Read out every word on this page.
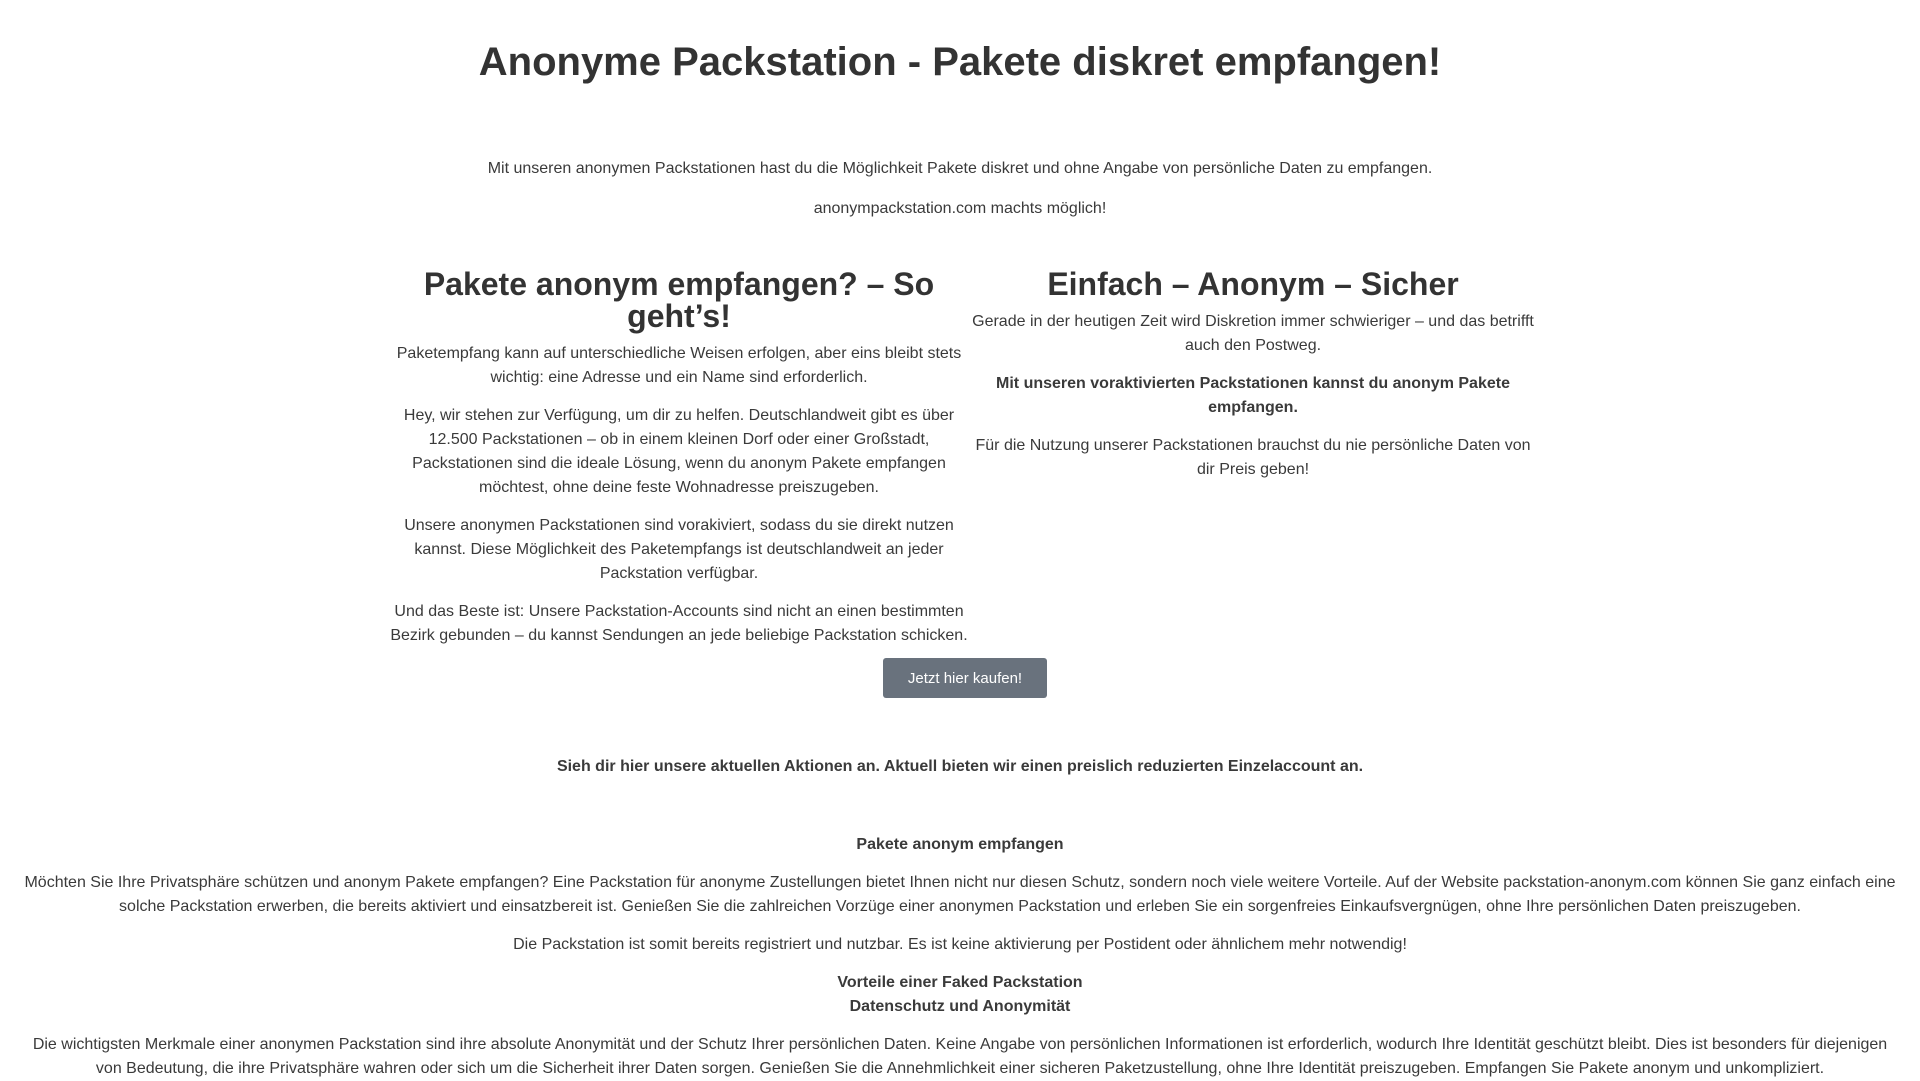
Anonyme Packstation - Pakete diskret empfangen!

Mit unseren anonymen Packstationen hast du die Möglichkeit Pakete diskret und ohne Angabe von persönliche Daten zu empfangen.

anonympackstation.com machts möglich!

Pakete anonym empfangen? – So geht’s!

Paketempfang kann auf unterschiedliche Weisen erfolgen, aber eins bleibt stets wichtig: eine Adresse und ein Name sind erforderlich.

Hey, wir stehen zur Verfügung, um dir zu helfen. Deutschlandweit gibt es über 12.500 Packstationen – ob in einem kleinen Dorf oder einer Großstadt, Packstationen sind die ideale Lösung, wenn du anonym Pakete empfangen möchtest, ohne deine feste Wohnadresse preiszugeben.

Unsere anonymen Packstationen sind vorakiviert, sodass du sie direkt nutzen kannst. Diese Möglichkeit des Paketempfangs ist deutschlandweit an jeder Packstation verfügbar.

Und das Beste ist: Unsere Packstation-Accounts sind nicht an einen bestimmten Bezirk gebunden – du kannst Sendungen an jede beliebige Packstation schicken.

Einfach – Anonym – Sicher

Gerade in der heutigen Zeit wird Diskretion immer schwieriger – und das betrifft auch den Postweg.

Mit unseren voraktivierten Packstationen kannst du anonym Pakete empfangen.

Für die Nutzung unserer Packstationen brauchst du nie persönliche Daten von dir Preis geben!

Jetzt hier kaufen!
Sieh dir hier unsere aktuellen Aktionen an. Aktuell bieten wir einen preislich reduzierten Einzelaccount an.

Pakete anonym empfangen

Möchten Sie Ihre Privatsphäre schützen und anonym Pakete empfangen? Eine Packstation für anonyme Zustellungen bietet Ihnen nicht nur diesen Schutz, sondern noch viele weitere Vorteile. Auf der Website packstation-anonym.com können Sie ganz einfach eine solche Packstation erwerben, die bereits aktiviert und einsatzbereit ist. Genießen Sie die zahlreichen Vorzüge einer anonymen Packstation und erleben Sie ein sorgenfreies Einkaufsvergnügen, ohne Ihre persönlichen Daten preiszugeben.

Die Packstation ist somit bereits registriert und nutzbar. Es ist keine aktivierung per Postident oder ähnlichem mehr notwendig!

Vorteile einer Faked Packstation

Datenschutz und Anonymität

Die wichtigsten Merkmale einer anonymen Packstation sind ihre absolute Anonymität und der Schutz Ihrer persönlichen Daten. Keine Angabe von persönlichen Informationen ist erforderlich, wodurch Ihre Identität geschützt bleibt. Dies ist besonders für diejenigen von Bedeutung, die ihre Privatsphäre wahren oder sich um die Sicherheit ihrer Daten sorgen. Genießen Sie die Annehmlichkeit einer sicheren Paketzustellung, ohne Ihre Identität preiszugeben. Empfangen Sie Pakete anonym und unkompliziert.
